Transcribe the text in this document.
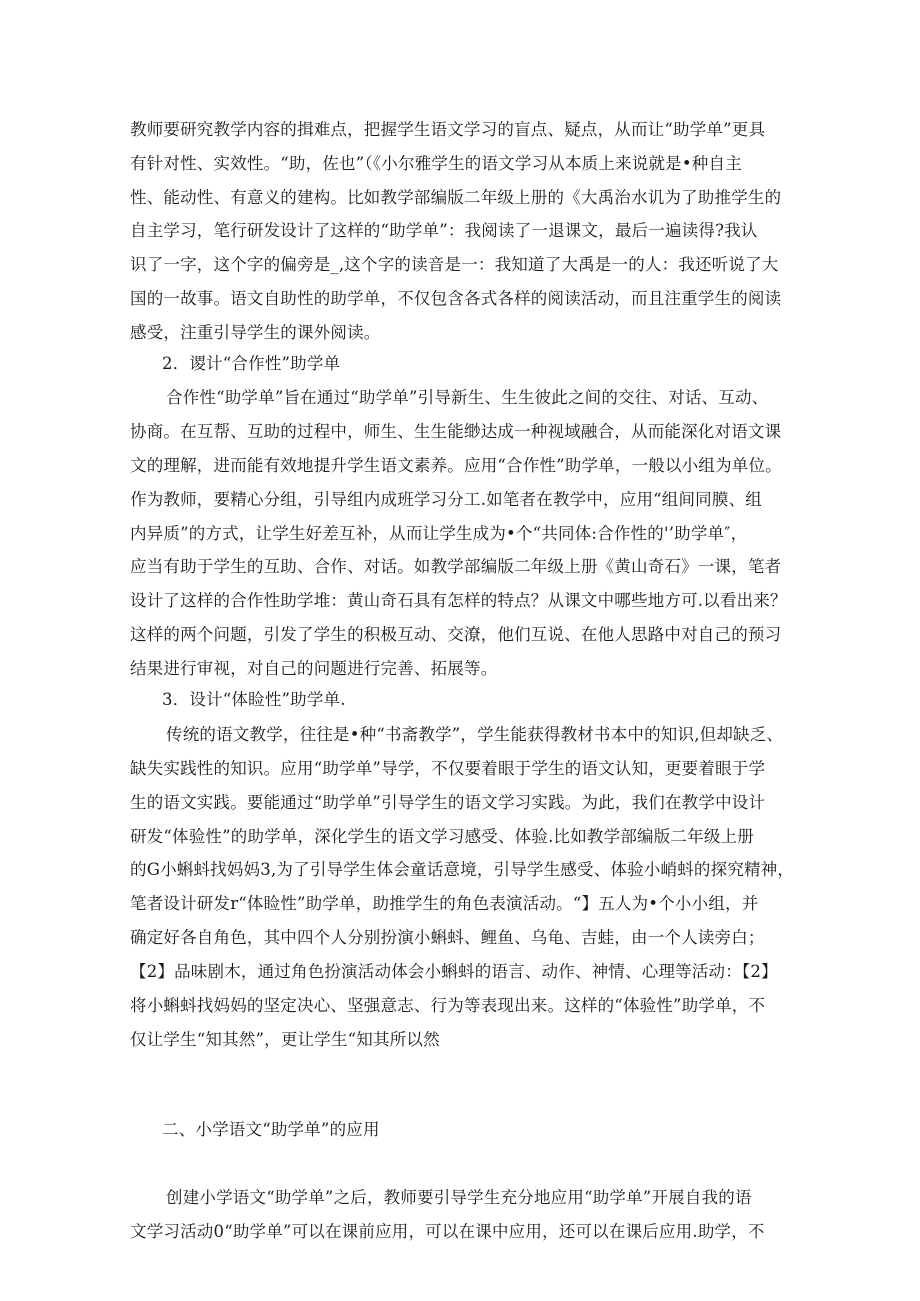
教师要研究教学内容的揖难点，把握学生语文学习的盲点、疑点，从而让“助学单”更具
有针对性、实效性。“助，佐也”（《小尔雅学生的语文学习从本质上来说就是•种自主
性、能动性、有意义的建构。比如教学部编版二年级上册的《大禹治水讥为了助推学生的
自主学习，笔行研发设计了这样的“助学单”：我阅读了一退课文，最后一遍读得?我认
识了一字，这个字的偏旁是_,这个字的读音是一：我知道了大禹是一的人：我还听说了大
国的一故事。语文自助性的助学单，不仅包含各式各样的阅读活动，而且注重学生的阅读
感受，注重引导学生的课外阅读。
2．谡计“合作性”助学单
合作性“助学单”旨在通过“助学单”引导新生、生生彼此之间的交往、对话、互动、
协商。在互帮、互助的过程中，师生、生生能缈达成一种视域融合，从而能深化对语文课
文的理解，进而能有效地提升学生语文素养。应用“合作性”助学单，一般以小组为单位。
作为教师，要精心分组，引导组内成班学习分工.如笔者在教学中，应用“组间同膜、组
内异质”的方式，让学生好差互补，从而让学生成为•个“共同体:合作性的'’助学单″，
应当有助于学生的互助、合作、对话。如教学部编版二年级上册《黄山奇石》一课，笔者
设计了这样的合作性助学堆：黄山奇石具有怎样的特点？从课文中哪些地方可.以看出来？
这样的两个问题，引发了学生的积极互动、交潦，他们互说、在他人思路中对自己的预习
结果进行审视，对自己的问题进行完善、拓展等。
3．设计“体睑性”助学单.
传统的语文教学，往往是•种“书斋教学”，学生能获得教材书本中的知识,但却缺乏、
缺失实践性的知识。应用“助学单”导学，不仅要着眼于学生的语文认知，更要着眼于学
生的语文实践。要能通过“助学单”引导学生的语文学习实践。为此，我们在教学中设计
研发“体验性”的助学单，深化学生的语文学习感受、体验.比如教学部编版二年级上册
的G小蝌蚪找妈妈3,为了引导学生体会童话意境，引导学生感受、体验小峭蚪的探究精神，
笔者设计研发r“体睑性”助学单，助推学生的角色表演活动。“】五人为•个小小组，并
确定好各自角色，其中四个人分别扮演小蝌蚪、鲤鱼、乌龟、吉蛙，由一个人读旁白；
【2】品味剧木，通过角色扮演活动体会小蝌蚪的语言、动作、神情、心理等活动：【2】
将小蝌蚪找妈妈的坚定决心、坚强意志、行为等表现出来。这样的“体验性”助学单，不
仅让学生“知其然”，更让学生“知其所以然
二、小学语文“助学单”的应用
创建小学语文“助学单”之后，教师要引导学生充分地应用“助学单”开展自我的语
文学习活动0“助学单”可以在课前应用，可以在课中应用，还可以在课后应用.助学，不
